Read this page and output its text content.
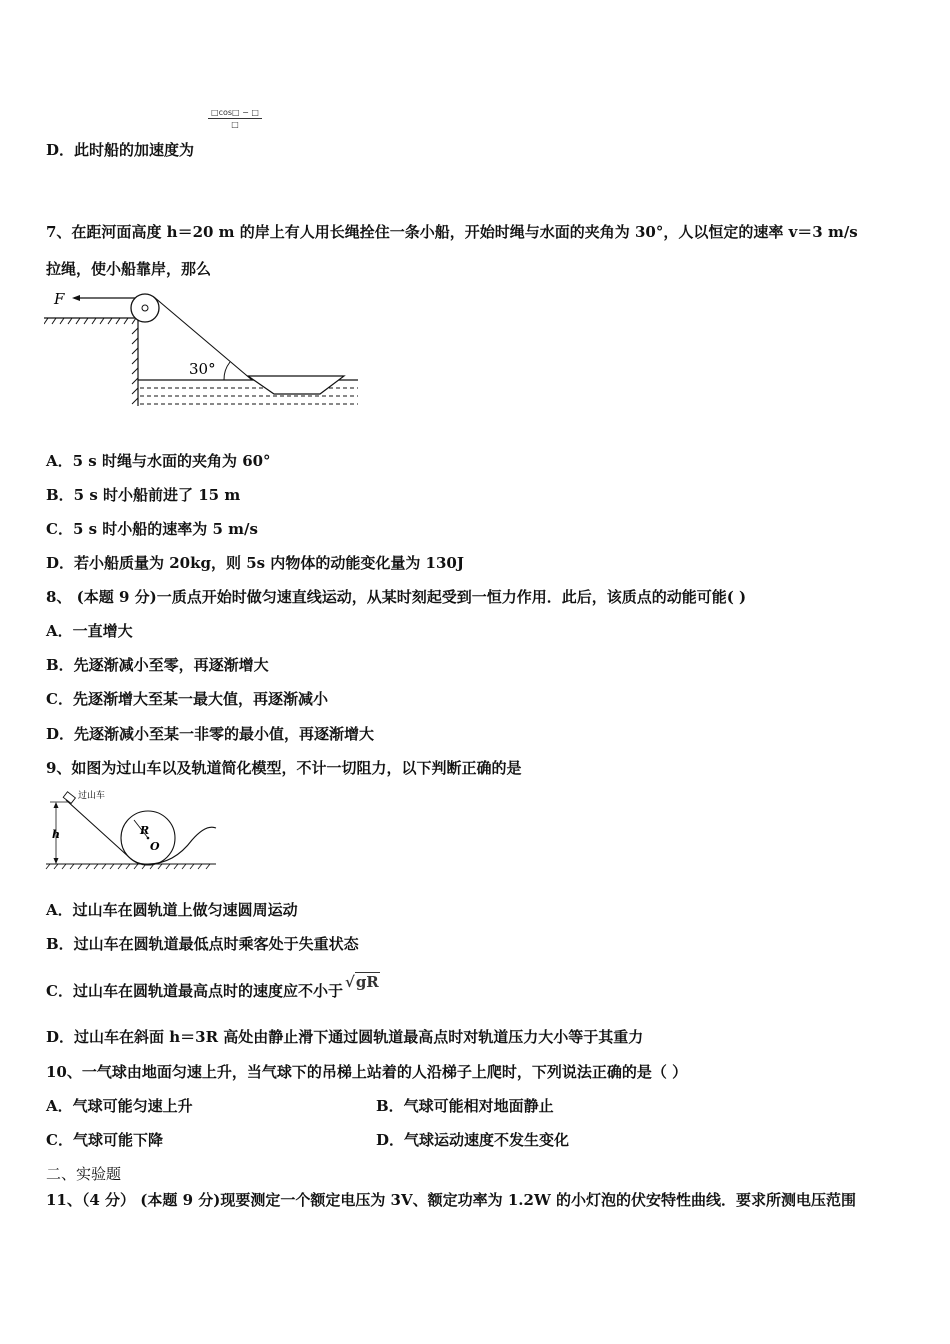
□cos□ − □
□
D．此时船的加速度为
7、在距河面高度 h＝20 m 的岸上有人用长绳拴住一条小船，开始时绳与水面的夹角为 30°，人以恒定的速率 v＝3 m/s
拉绳，使小船靠岸，那么
F
30°
A．5 s 时绳与水面的夹角为 60°
B．5 s 时小船前进了 15 m
C．5 s 时小船的速率为 5 m/s
D．若小船质量为 20kg，则 5s 内物体的动能变化量为 130J
8、 (本题 9 分)一质点开始时做匀速直线运动，从某时刻起受到一恒力作用．此后，该质点的动能可能( )
A．一直增大
B．先逐渐减小至零，再逐渐增大
C．先逐渐增大至某一最大值，再逐渐减小
D．先逐渐减小至某一非零的最小值，再逐渐增大
9、如图为过山车以及轨道简化模型，不计一切阻力，以下判断正确的是
h
过山车
R
O
A．过山车在圆轨道上做匀速圆周运动
B．过山车在圆轨道最低点时乘客处于失重状态
C．过山车在圆轨道最高点时的速度应不小于 √gR
D．过山车在斜面 h＝3R 高处由静止滑下通过圆轨道最高点时对轨道压力大小等于其重力
10、一气球由地面匀速上升，当气球下的吊梯上站着的人沿梯子上爬时，下列说法正确的是（ ）
A．气球可能匀速上升	B．气球可能相对地面静止
C．气球可能下降	D．气球运动速度不发生变化
二、实验题
11、（4 分） (本题 9 分)现要测定一个额定电压为 3V、额定功率为 1.2W 的小灯泡的伏安特性曲线．要求所测电压范围
